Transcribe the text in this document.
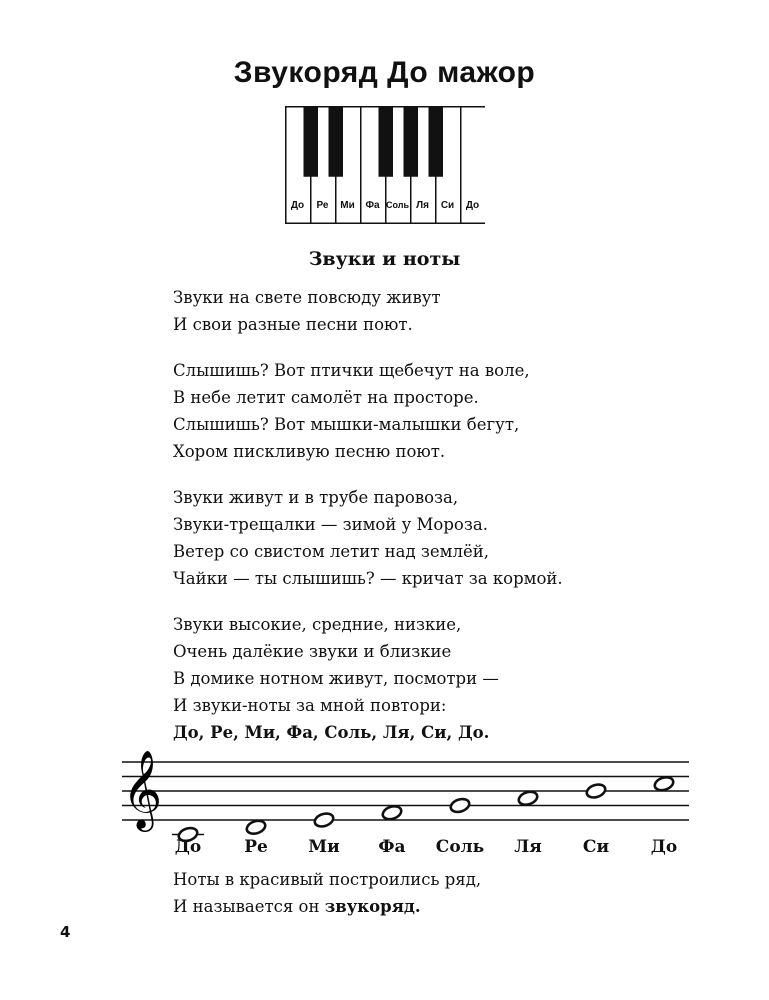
Звукоряд До мажор
До Ре Ми Фа Соль Ля Си До
Звуки и ноты
Звуки на свете повсюду живут
И свои разные песни поют.
Слышишь? Вот птички щебечут на воле,
В небе летит самолёт на просторе.
Слышишь? Вот мышки-малышки бегут,
Хором пискливую песню поют.
Звуки живут и в трубе паровоза,
Звуки-трещалки — зимой у Мороза.
Ветер со свистом летит над землёй,
Чайки — ты слышишь? — кричат за кормой.
Звуки высокие, средние, низкие,
Очень далёкие звуки и близкие
В домике нотном живут, посмотри —
И звуки-ноты за мной повтори:
До, Ре, Ми, Фа, Соль, Ля, Си, До.
𝄞
До	Ре Ми Фа Соль Ля Си До
Ноты в красивый построились ряд,
И называется он звукоряд.
4
